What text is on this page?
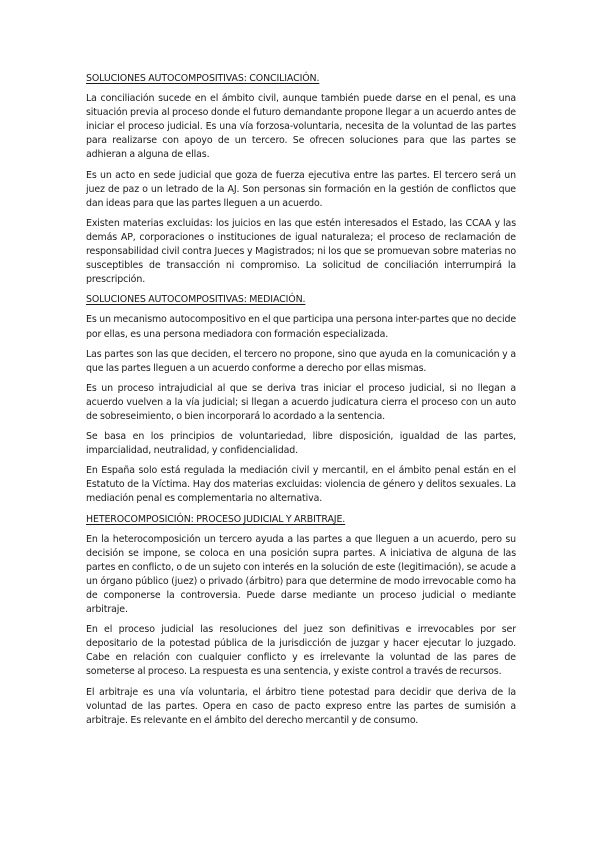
SOLUCIONES AUTOCOMPOSITIVAS: CONCILIACIÓN.

La conciliación sucede en el ámbito civil, aunque también puede darse en el penal, es una situación previa al proceso donde el futuro demandante propone llegar a un acuerdo antes de iniciar el proceso judicial. Es una vía forzosa-voluntaria, necesita de la voluntad de las partes para realizarse con apoyo de un tercero. Se ofrecen soluciones para que las partes se adhieran a alguna de ellas.

Es un acto en sede judicial que goza de fuerza ejecutiva entre las partes. El tercero será un juez de paz o un letrado de la AJ. Son personas sin formación en la gestión de conflictos que dan ideas para que las partes lleguen a un acuerdo.

Existen materias excluidas: los juicios en las que estén interesados el Estado, las CCAA y las demás AP, corporaciones o instituciones de igual naturaleza; el proceso de reclamación de responsabilidad civil contra Jueces y Magistrados; ni los que se promuevan sobre materias no susceptibles de transacción ni compromiso. La solicitud de conciliación interrumpirá la prescripción.

SOLUCIONES AUTOCOMPOSITIVAS: MEDIACIÓN.

Es un mecanismo autocompositivo en el que participa una persona inter-partes que no decide por ellas, es una persona mediadora con formación especializada.

Las partes son las que deciden, el tercero no propone, sino que ayuda en la comunicación y a que las partes lleguen a un acuerdo conforme a derecho por ellas mismas.

Es un proceso intrajudicial al que se deriva tras iniciar el proceso judicial, si no llegan a acuerdo vuelven a la vía judicial; si llegan a acuerdo judicatura cierra el proceso con un auto de sobreseimiento, o bien incorporará lo acordado a la sentencia.

Se basa en los principios de voluntariedad, libre disposición, igualdad de las partes, imparcialidad, neutralidad, y confidencialidad.

En España solo está regulada la mediación civil y mercantil, en el ámbito penal están en el Estatuto de la Víctima. Hay dos materias excluidas: violencia de género y delitos sexuales. La mediación penal es complementaria no alternativa.

HETEROCOMPOSICIÓN: PROCESO JUDICIAL Y ARBITRAJE.

En la heterocomposición un tercero ayuda a las partes a que lleguen a un acuerdo, pero su decisión se impone, se coloca en una posición supra partes. A iniciativa de alguna de las partes en conflicto, o de un sujeto con interés en la solución de este (legitimación), se acude a un órgano público (juez) o privado (árbitro) para que determine de modo irrevocable como ha de componerse la controversia. Puede darse mediante un proceso judicial o mediante arbitraje.

En el proceso judicial las resoluciones del juez son definitivas e irrevocables por ser depositario de la potestad pública de la jurisdicción de juzgar y hacer ejecutar lo juzgado. Cabe en relación con cualquier conflicto y es irrelevante la voluntad de las pares de someterse al proceso. La respuesta es una sentencia, y existe control a través de recursos.

El arbitraje es una vía voluntaria, el árbitro tiene potestad para decidir que deriva de la voluntad de las partes. Opera en caso de pacto expreso entre las partes de sumisión a arbitraje. Es relevante en el ámbito del derecho mercantil y de consumo.
